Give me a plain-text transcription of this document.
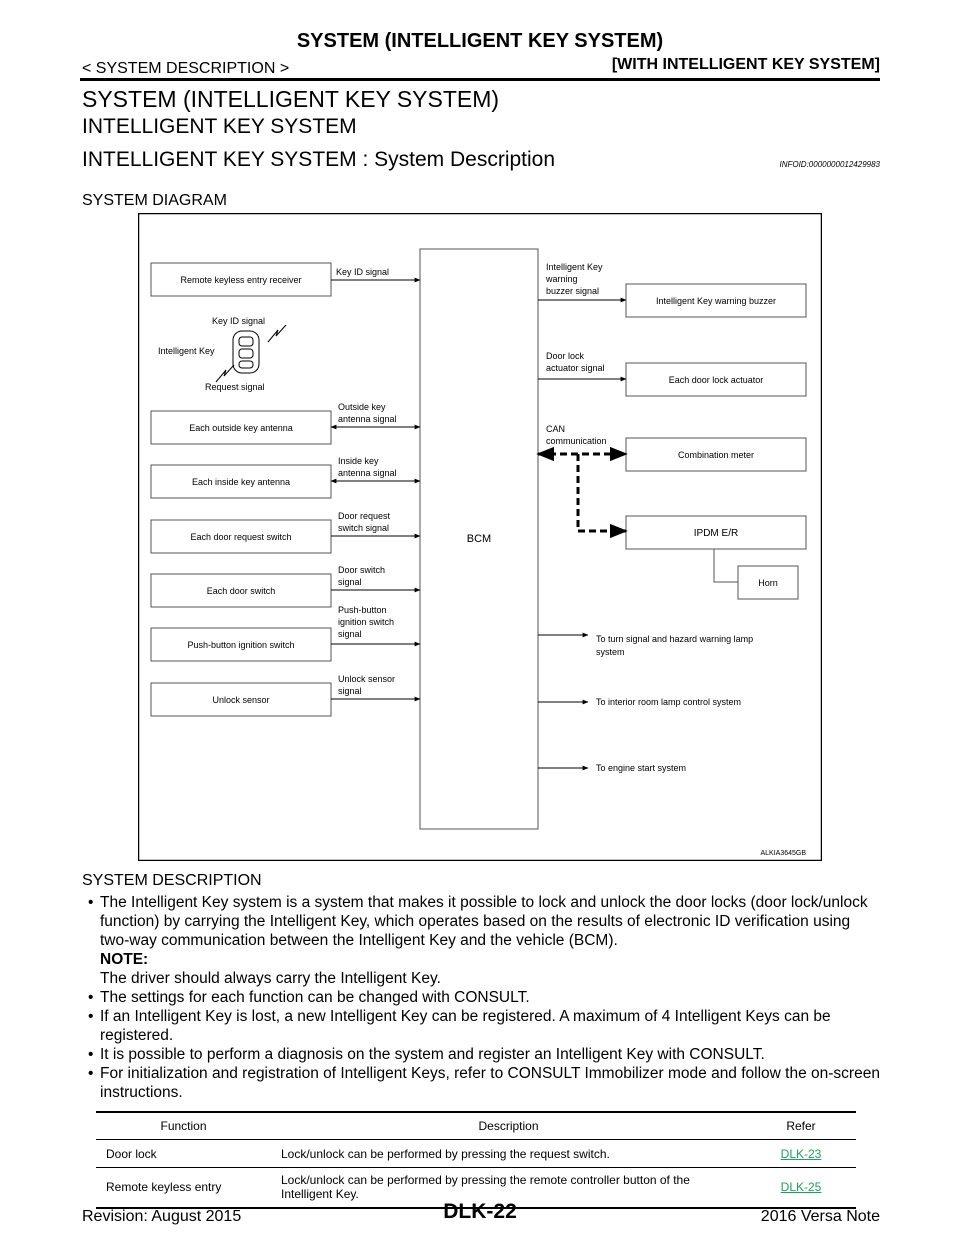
SYSTEM (INTELLIGENT KEY SYSTEM)
< SYSTEM DESCRIPTION >	[WITH INTELLIGENT KEY SYSTEM]
SYSTEM (INTELLIGENT KEY SYSTEM)
INTELLIGENT KEY SYSTEM
INTELLIGENT KEY SYSTEM : System Description	INFOID:0000000012429983
SYSTEM DIAGRAM
BCM
Remote keyless entry receiver
Each outside key antenna
Each inside key antenna
Each door request switch
Each door switch
Push-button ignition switch
Unlock sensor
Key ID signal
Outside key
antenna signal
Inside key
antenna signal
Door request
switch signal
Door switch
signal
Push-button
ignition switch
signal
Unlock sensor
signal
Key ID signal
Intelligent Key
Request signal
Intelligent Key warning buzzer
Each door lock actuator
Combination meter
IPDM E/R
Horn
Intelligent Key
warning
buzzer signal
Door lock
actuator signal
CAN
communication
To turn signal and hazard warning lamp
system
To interior room lamp control system
To engine start system
ALKIA3645GB
SYSTEM DESCRIPTION
• The Intelligent Key system is a system that makes it possible to lock and unlock the door locks (door lock/unlock function) by carrying the Intelligent Key, which operates based on the results of electronic ID verification using two-way communication between the Intelligent Key and the vehicle (BCM).
NOTE:
The driver should always carry the Intelligent Key.
• The settings for each function can be changed with CONSULT.
• If an Intelligent Key is lost, a new Intelligent Key can be registered. A maximum of 4 Intelligent Keys can be registered.
• It is possible to perform a diagnosis on the system and register an Intelligent Key with CONSULT.
• For initialization and registration of Intelligent Keys, refer to CONSULT Immobilizer mode and follow the on-screen instructions.
Function	Description	Refer
Door lock	Lock/unlock can be performed by pressing the request switch.	DLK-23
Remote keyless entry	Lock/unlock can be performed by pressing the remote controller button of the Intelligent Key.	DLK-25
Revision: August 2015	DLK-22	2016 Versa Note
